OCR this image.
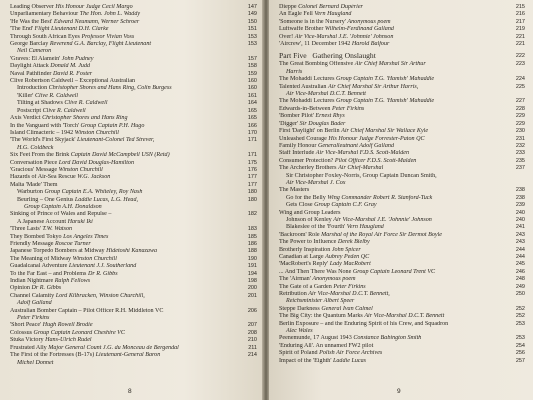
Leading Observer His Honour Judge Cecil Margo	147
Unparliamentary Behaviour The Hon. John L. Waddy	149
'He Was the Best' Edward Neumann, Werner Schroer	150
'The End' Flight Lieutenant D.H. Clarke	151
Through South African Eyes Professor Vivian Voss	153
George Barclay Reverend G.A. Barclay, Flight Lieutenant	153
Neil Cameron
'Graves: El Alamein' John Pudney	157
Daylight Attack Donald M. Judd	158
Naval Pathfinder David R. Foster	159
Clive Robertson Caldwell – Exceptional Australian	160
Introduction Christopher Shores and Hans Ring, Colin Burgess	160
'Killer' Clive R. Caldwell	161
Tilting at Shadows Clive R. Caldwell	164
Postscript Clive R. Caldwell	165
Axis Verdict Christopher Shores and Hans Ring	165
In the Vanguard with 'Torch' Group Captain P.H. Hugo	166
Island Climacteric – 1942 Winston Churchill	170
'The World's First Skyjack' Lieutenant-Colonel Ted Strever,	171
H.G. Coldbeck
Six Feet From the Brink Captain David McCampbell USN (Retd)	171
Conversation Piece Lord David Douglas-Hamilton	175
'Gracious' Message Winston Churchill	176
Hazards of Air-Sea Rescue W.G. Jackson	177
Malta 'Made' Them	177
Warburton Group Captain E.A. Whiteley, Roy Nash	180
Beurling – One Genius Laddie Lucas, L.G. Head,	180
Group Captain A.H. Donaldson
Sinking of Prince of Wales and Repulse –	182
A Japanese Account Haruki Iki
'Three Lasts' T.W. Watson	183
They Bombed Tokyo Los Angeles Times	185
Friendly Message Roscoe Turner	186
Japanese Torpedo Bombers at Midway Hidetoshi Kanazawa	188
The Meaning of Midway Winston Churchill	190
Guadalcanal Adventure Lieutenant J.J. Southerland	191
To the Far East – and Problems Dr R. Gibbs	194
Indian Nightmare Ralph Fellows	198
Opinion Dr R. Gibbs	200
Channel Calamity Lord Kilbracken, Winston Churchill,	201
Adolf Galland
Australian Bomber Captain – Pilot Officer R.H. Middleton VC	206
Peter Firkins
'Short Peace' Hugh Rowell Brodie	207
Colossus Group Captain Leonard Cheshire VC	208
Stuka Victory Hans-Ulrich Rudel	210
Frustrated Ally Major General Count J.G. du Monceau de Bergendal	211
The First of the Fortresses (B-17s) Lieutenant-General Baron	214
Michel Donnet
8
Dieppe Colonel Bernard Dupérier	215
An Eagle Fell Vern Haugland	216
'Someone is in the Nursery' Anonymous poem	217
Luftwaffe Brother Wilhelm-Ferdinand Galland	219
Over! Air Vice-Marshal J.E. 'Johnnie' Johnson	221
'Aircrew', 11 December 1942 Harold Balfour	221
Part Five Gathering Onslaught	222
The Great Bombing Offensive Air Chief Marshal Sir Arthur	223
Harris
The Mohaddi Lectures Group Captain T.G. 'Hamish' Mahaddie	224
Talented Australian Air Chief Marshal Sir Arthur Harris,	225
Air Vice-Marshal D.C.T. Bennett
The Mohaddi Lectures Group Captain T.G. 'Hamish' Mahaddie	227
Edwards-in-Between Peter Firkins	228
'Bomber Pilot' Ernest Rhys	229
'Digger' Sir Douglas Bader	229
First 'Daylight' on Berlin Air Chief Marshal Sir Wallace Kyle	230
Unleashed Courage His Honour Judge Forrester-Paton QC	231
Family Honour Generalleutnant Adolf Galland	232
Staff Interlude Air Vice-Marshal F.D.S. Scott-Malden	233
Consumer Protection? Pilot Officer F.D.S. Scott-Malden	235
The Archerley Brothers Air Chief-Marshal	237
Sir Christopher Foxley-Norris, Group Captain Duncan Smith,
Air Vice-Marshal J. Cox
The Masters	238
Go for the Belly Wing Commander Robert R. Stanford-Tuck	238
Gets Close Group Captain C.F. Gray	239
Wing and Group Leaders	240
Johnson of Kenley Air Vice-Marshal J.E. 'Johnnie' Johnson	240
Blakeslee of the 'Fourth' Vern Haugland	241
'Backroom' Role Marshal of the Royal Air Force Sir Dermot Boyle	243
The Power to Influence Derek Bielby	243
Brotherly Inspiration John Spicer	244
Canadian at Large Aubrey Peden QC	244
'MacRobert's Reply' Lady MacRobert	245
... And Then There Was None Group Captain Leonard Trent VC	246
The 'Airman' Anonymous poem	248
The Gate of a Garden Peter Firkins	249
Retribution Air Vice-Marshal D.C.T. Bennett,	250
Reichsminister Albert Speer
Steppe Darkness General Ivan Calmel	252
The Big City: the Quantum Marks Air Vice-Marshal D.C.T. Bennett	252
Berlin Exposure – and the Enduring Spirit of his Crew, and Squadron	253
Alec Wales
Peenemunde, 17 August 1943 Constance Babington Smith	253
'Enduring All'. An unnamed FW2 pilot	254
Spirit of Poland Polish Air Force Archives	256
Impact of the 'Eighth' Laddie Lucas	257
9
